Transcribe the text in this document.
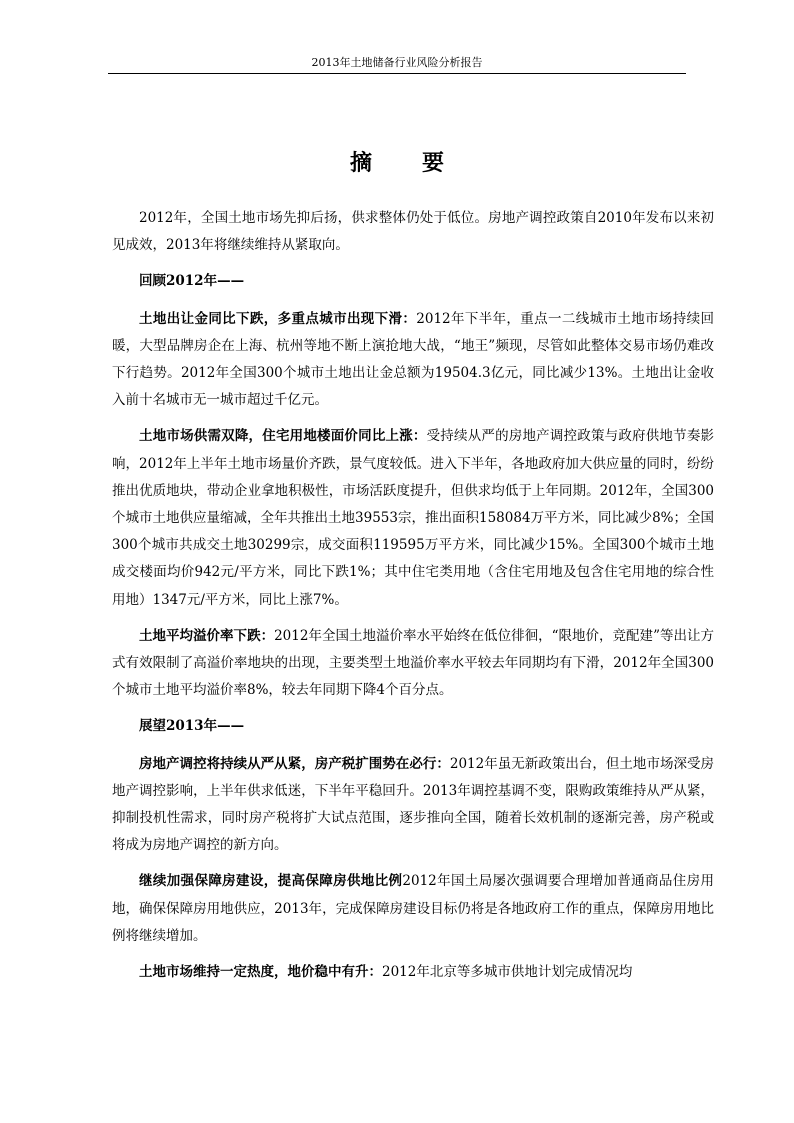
2013年土地储备行业风险分析报告
摘　要

2012年，全国土地市场先抑后扬，供求整体仍处于低位。房地产调控政策自2010年发布以来初见成效，2013年将继续维持从紧取向。

回顾2012年——

土地出让金同比下跌，多重点城市出现下滑：2012年下半年，重点一二线城市土地市场持续回暖，大型品牌房企在上海、杭州等地不断上演抢地大战，“地王”频现，尽管如此整体交易市场仍难改下行趋势。2012年全国300个城市土地出让金总额为19504.3亿元，同比减少13%。土地出让金收入前十名城市无一城市超过千亿元。

土地市场供需双降，住宅用地楼面价同比上涨：受持续从严的房地产调控政策与政府供地节奏影响，2012年上半年土地市场量价齐跌，景气度较低。进入下半年，各地政府加大供应量的同时，纷纷推出优质地块，带动企业拿地积极性，市场活跃度提升，但供求均低于上年同期。2012年，全国300个城市土地供应量缩减，全年共推出土地39553宗，推出面积158084万平方米，同比减少8%；全国300个城市共成交土地30299宗，成交面积119595万平方米，同比减少15%。全国300个城市土地成交楼面均价942元/平方米，同比下跌1%；其中住宅类用地（含住宅用地及包含住宅用地的综合性用地）1347元/平方米，同比上涨7%。

土地平均溢价率下跌：2012年全国土地溢价率水平始终在低位徘徊，“限地价，竞配建”等出让方式有效限制了高溢价率地块的出现，主要类型土地溢价率水平较去年同期均有下滑，2012年全国300个城市土地平均溢价率8%，较去年同期下降4个百分点。

展望2013年——

房地产调控将持续从严从紧，房产税扩围势在必行：2012年虽无新政策出台，但土地市场深受房地产调控影响，上半年供求低迷，下半年平稳回升。2013年调控基调不变，限购政策维持从严从紧，抑制投机性需求，同时房产税将扩大试点范围，逐步推向全国，随着长效机制的逐渐完善，房产税或将成为房地产调控的新方向。

继续加强保障房建设，提高保障房供地比例2012年国土局屡次强调要合理增加普通商品住房用地，确保保障房用地供应，2013年，完成保障房建设目标仍将是各地政府工作的重点，保障房用地比例将继续增加。

土地市场维持一定热度，地价稳中有升：2012年北京等多城市供地计划完成情况均
